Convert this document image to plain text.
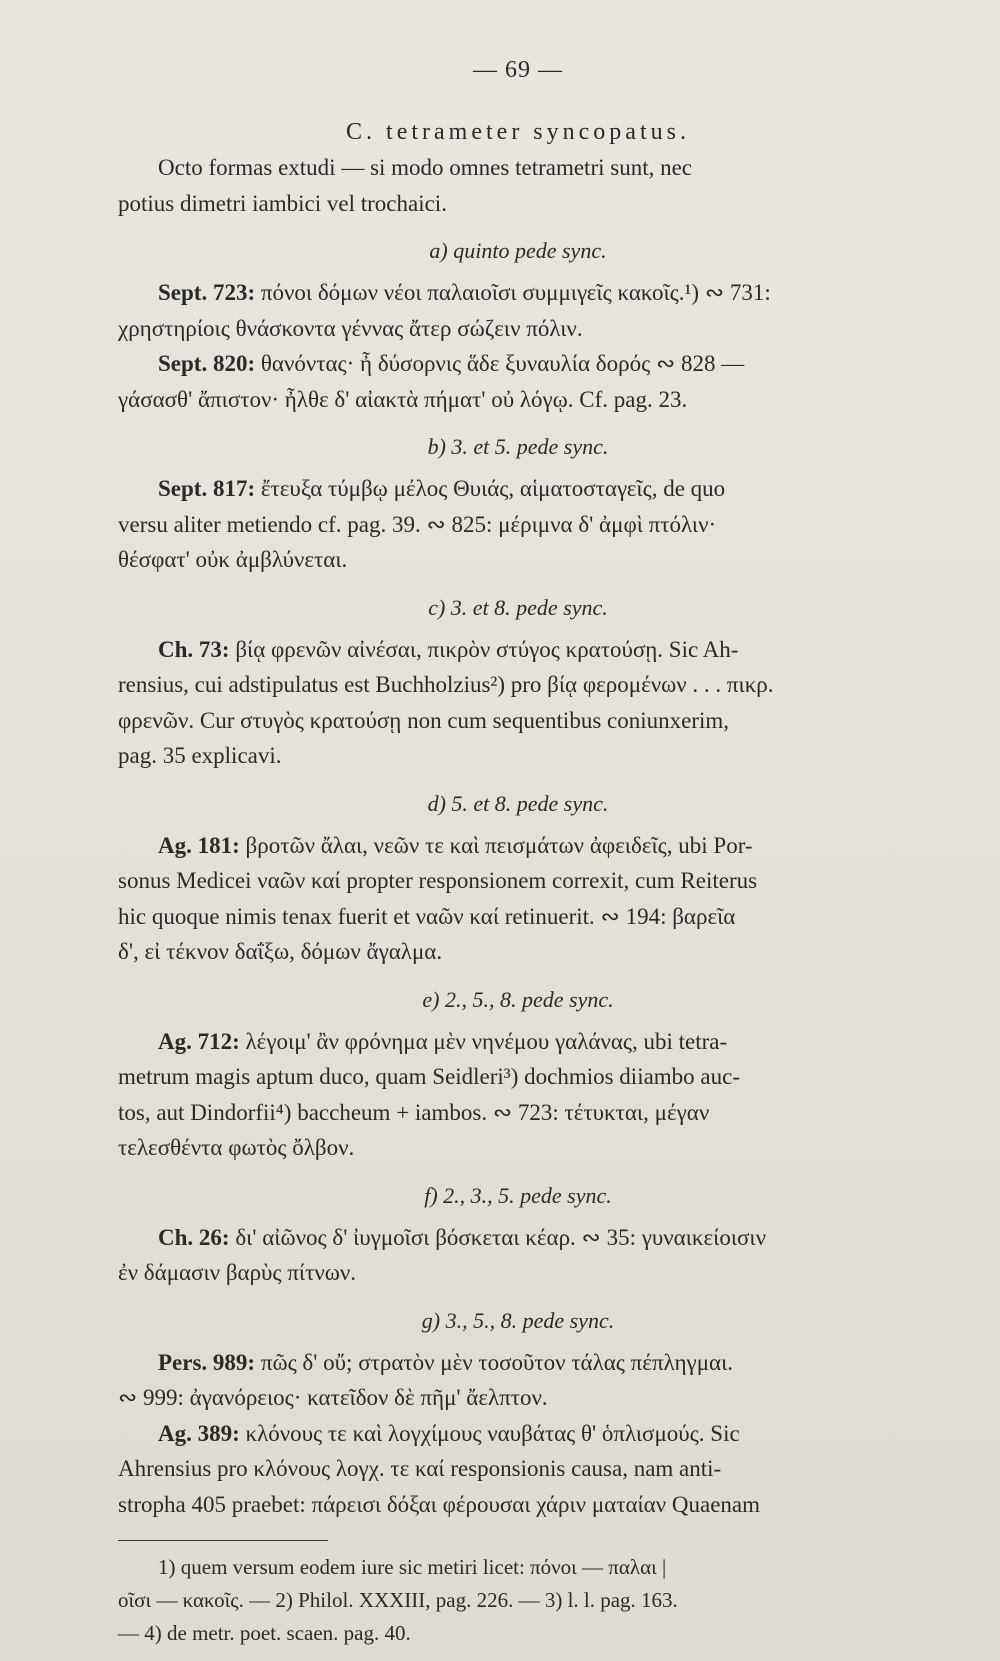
— 69 —
C. tetrameter syncopatus.
Octo formas extudi — si modo omnes tetrametri sunt, nec
potius dimetri iambici vel trochaici.
a) quinto pede sync.
Sept. 723: πόνοι δόμων νέοι παλαιοῖσι συμμιγεῖς κακοῖς.¹) ∾ 731:
χρηστηρίοις θνάσκοντα γέννας ἄτερ σώζειν πόλιν.
Sept. 820: θανόντας· ἦ δύσορνις ἅδε ξυναυλία δορός ∾ 828 —
γάσασθ' ἄπιστον· ἦλθε δ' αἰακτὰ πήματ' οὐ λόγῳ. Cf. pag. 23.
b) 3. et 5. pede sync.
Sept. 817: ἔτευξα τύμβῳ μέλος Θυιάς, αἱματοσταγεῖς, de quo
versu aliter metiendo cf. pag. 39. ∾ 825: μέριμνα δ' ἀμφὶ πτόλιν·
θέσφατ' οὐκ ἀμβλύνεται.
c) 3. et 8. pede sync.
Ch. 73: βίᾳ φρενῶν αἰνέσαι, πικρὸν στύγος κρατούσῃ. Sic Ah-
rensius, cui adstipulatus est Buchholzius²) pro βίᾳ φερομένων . . . πικρ.
φρενῶν. Cur στυγὸς κρατούσῃ non cum sequentibus coniunxerim,
pag. 35 explicavi.
d) 5. et 8. pede sync.
Ag. 181: βροτῶν ἄλαι, νεῶν τε καὶ πεισμάτων ἀφειδεῖς, ubi Por-
sonus Medicei ναῶν καί propter responsionem correxit, cum Reiterus
hic quoque nimis tenax fuerit et ναῶν καί retinuerit. ∾ 194: βαρεῖα
δ', εἰ τέκνον δαΐξω, δόμων ἄγαλμα.
e) 2., 5., 8. pede sync.
Ag. 712: λέγοιμ' ἂν φρόνημα μὲν νηνέμου γαλάνας, ubi tetra-
metrum magis aptum duco, quam Seidleri³) dochmios diiambo auc-
tos, aut Dindorfii⁴) baccheum + iambos. ∾ 723: τέτυκται, μέγαν
τελεσθέντα φωτὸς ὄλβον.
f) 2., 3., 5. pede sync.
Ch. 26: δι' αἰῶνος δ' ἰυγμοῖσι βόσκεται κέαρ. ∾ 35: γυναικείοισιν
ἐν δάμασιν βαρὺς πίτνων.
g) 3., 5., 8. pede sync.
Pers. 989: πῶς δ' οὔ; στρατὸν μὲν τοσοῦτον τάλας πέπληγμαι.
∾ 999: ἀγανόρειος· κατεῖδον δὲ πῆμ' ἄελπτον.
Ag. 389: κλόνους τε καὶ λογχίμους ναυβάτας θ' ὁπλισμούς. Sic
Ahrensius pro κλόνους λογχ. τε καί responsionis causa, nam anti-
stropha 405 praebet: πάρεισι δόξαι φέρουσαι χάριν ματαίαν Quaenam
1) quem versum eodem iure sic metiri licet: πόνοι — παλαι |
οῖσι — κακοῖς. — 2) Philol. XXXIII, pag. 226. — 3) l. l. pag. 163.
— 4) de metr. poet. scaen. pag. 40.
